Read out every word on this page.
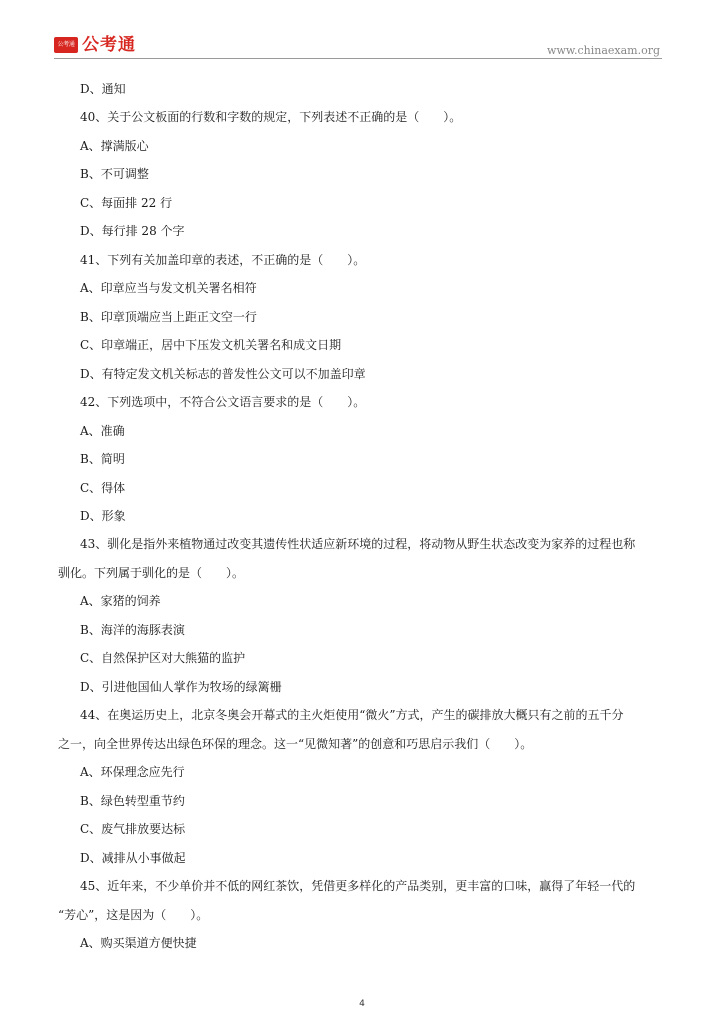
公考通 公考通	www.chinaexam.org
D、通知
40、关于公文板面的行数和字数的规定，下列表述不正确的是（　　）。
A、撑满版心
B、不可调整
C、每面排 22 行
D、每行排 28 个字
41、下列有关加盖印章的表述，不正确的是（　　）。
A、印章应当与发文机关署名相符
B、印章顶端应当上距正文空一行
C、印章端正，居中下压发文机关署名和成文日期
D、有特定发文机关标志的普发性公文可以不加盖印章
42、下列选项中，不符合公文语言要求的是（　　）。
A、准确
B、简明
C、得体
D、形象
43、驯化是指外来植物通过改变其遗传性状适应新环境的过程，将动物从野生状态改变为家养的过程也称
驯化。下列属于驯化的是（　　）。
A、家猪的饲养
B、海洋的海豚表演
C、自然保护区对大熊猫的监护
D、引进他国仙人掌作为牧场的绿篱栅
44、在奥运历史上，北京冬奥会开幕式的主火炬使用“微火”方式，产生的碳排放大概只有之前的五千分
之一，向全世界传达出绿色环保的理念。这一“见微知著”的创意和巧思启示我们（　　）。
A、环保理念应先行
B、绿色转型重节约
C、废气排放要达标
D、减排从小事做起
45、近年来，不少单价并不低的网红茶饮，凭借更多样化的产品类别，更丰富的口味，赢得了年轻一代的
“芳心”，这是因为（　　）。
A、购买渠道方便快捷
4
